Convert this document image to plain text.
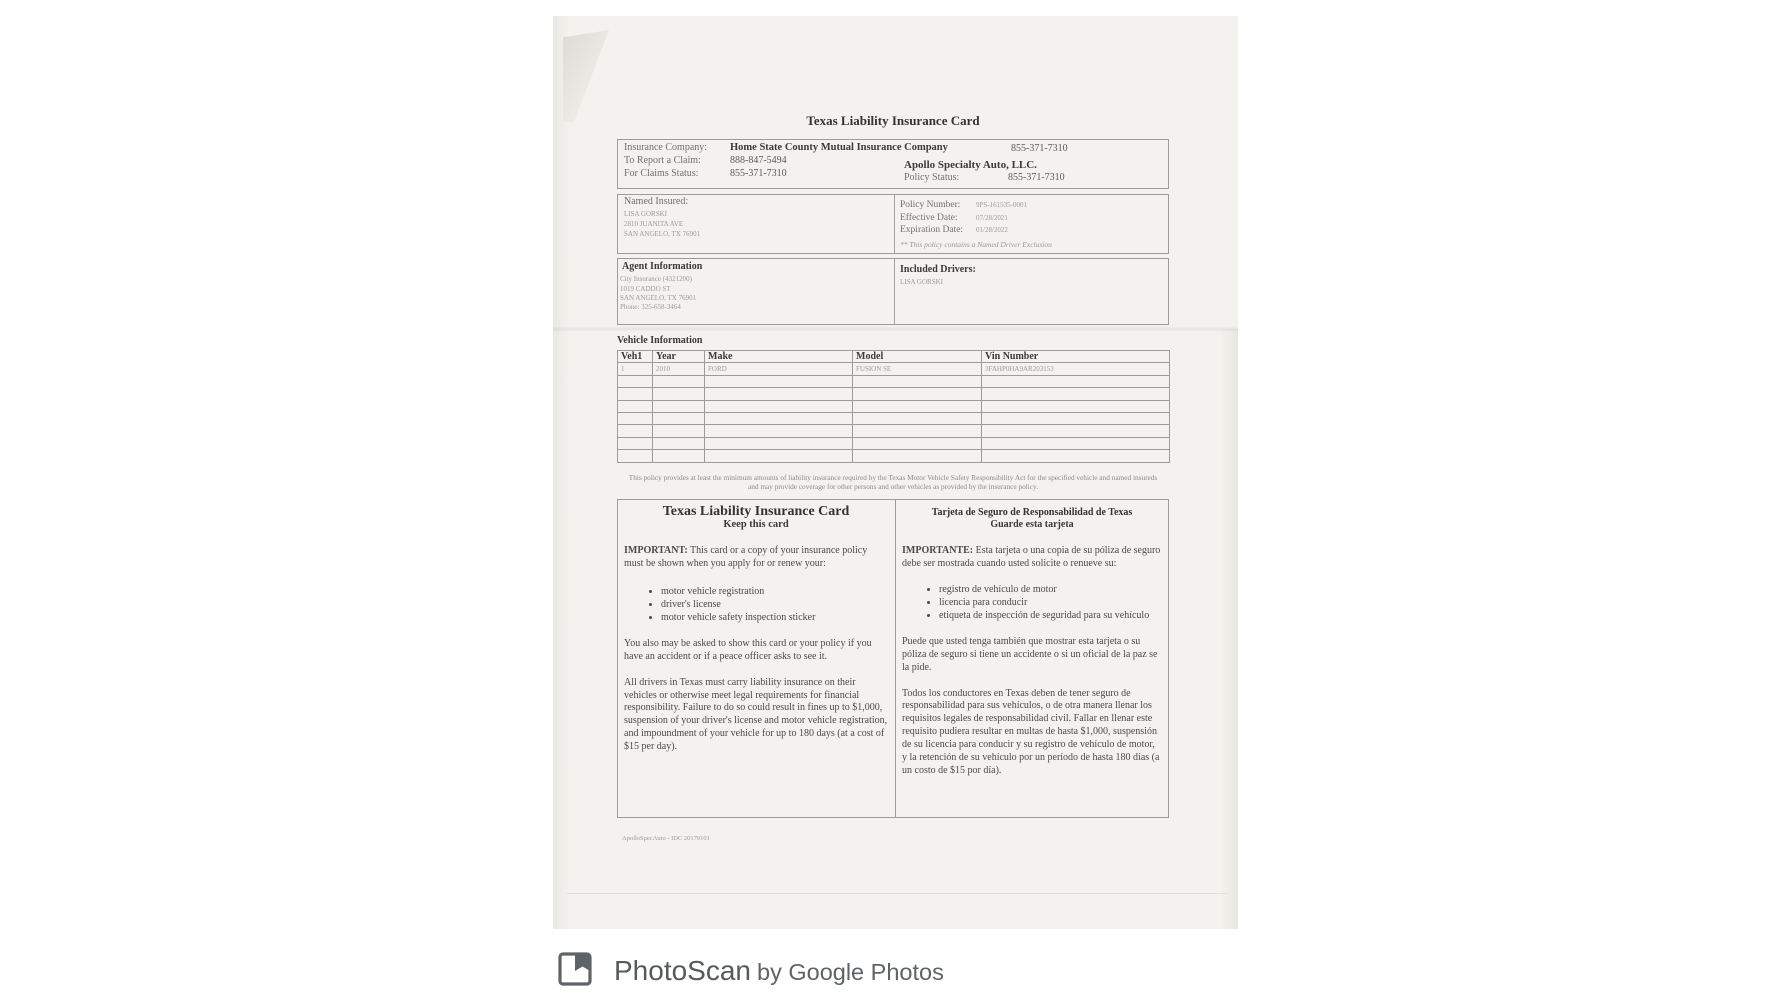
Texas Liability Insurance Card
Insurance Company: Home State County Mutual Insurance Company	855-371-7310
To Report a Claim:	888-847-5494	Apollo Specialty Auto, LLC.
For Claims Status:	855-371-7310	Policy Status:	855-371-7310
Named Insured:
LISA GORSKI
2810 JUANITA AVE
SAN ANGELO, TX 76901
Policy Number: 9PS-161535-0001
Effective Date:	07/28/2021
Expiration Date: 01/28/2022
** This policy contains a Named Driver Exclusion
Agent Information
City Insurance (4321200)
1019 CADDO ST
SAN ANGELO, TX 76901
Phone: 325-658-3464
Included Drivers:
LISA GORSKI
Vehicle Information
Veh1	Year	Make	Model	Vin Number
1	2010	FORD	FUSION SE	3FAHP0HA9AR203153

This policy provides at least the minimum amounts of liability insurance required by the Texas Motor Vehicle Safety Responsibility Act for the specified vehicle and named insureds and may provide coverage for other persons and other vehicles as provided by the insurance policy.
Texas Liability Insurance Card
Keep this card

IMPORTANT: This card or a copy of your insurance policy must be shown when you apply for or renew your:

• motor vehicle registration
• driver's license
• motor vehicle safety inspection sticker

You also may be asked to show this card or your policy if you have an accident or if a peace officer asks to see it.

All drivers in Texas must carry liability insurance on their vehicles or otherwise meet legal requirements for financial responsibility. Failure to do so could result in fines up to $1,000, suspension of your driver's license and motor vehicle registration, and impoundment of your vehicle for up to 180 days (at a cost of $15 per day).

Tarjeta de Seguro de Responsabilidad de Texas
Guarde esta tarjeta

IMPORTANTE: Esta tarjeta o una copia de su póliza de seguro debe ser mostrada cuando usted solicite o renueve su:

• registro de vehículo de motor
• licencia para conducir
• etiqueta de inspección de seguridad para su vehículo

Puede que usted tenga también que mostrar esta tarjeta o su póliza de seguro si tiene un accidente o si un oficial de la paz se la pide.

Todos los conductores en Texas deben de tener seguro de responsabilidad para sus vehículos, o de otra manera llenar los requisitos legales de responsabilidad civil. Fallar en llenar este requisito pudiera resultar en multas de hasta $1,000, suspensión de su licencia para conducir y su registro de vehículo de motor, y la retención de su vehículo por un período de hasta 180 días (a un costo de $15 por día).

ApolloSpecAuto - IDC 20170101
PhotoScan by Google Photos
